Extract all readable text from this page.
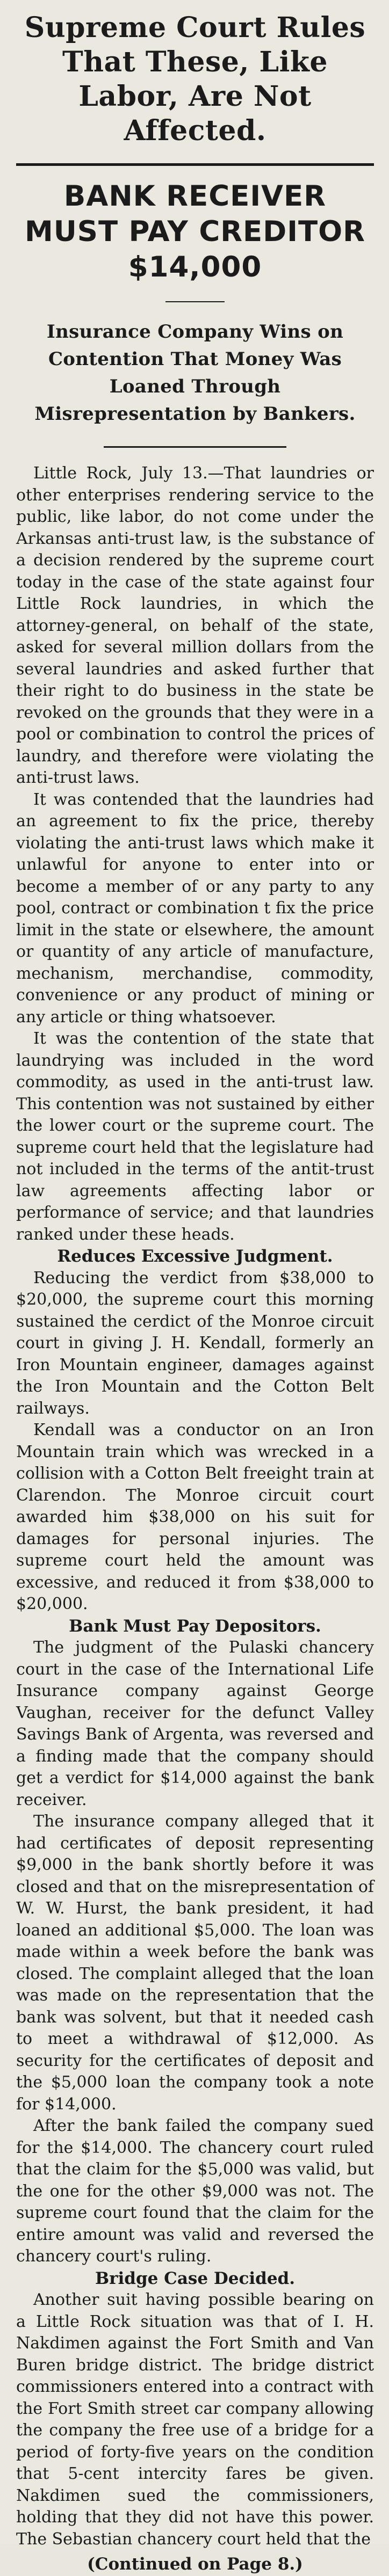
Supreme Court Rules That These, Like Labor, Are Not Affected.
BANK RECEIVER MUST PAY CREDITOR $14,000
Insurance Company Wins on Contention That Money Was Loaned Through Misrepresentation by Bankers.

Little Rock, July 13.—That laundries or other enterprises rendering service to the public, like labor, do not come under the Arkansas anti-trust law, is the substance of a decision rendered by the supreme court today in the case of the state against four Little Rock laundries, in which the attorney-general, on behalf of the state, asked for several million dollars from the several laundries and asked further that their right to do business in the state be revoked on the grounds that they were in a pool or combination to control the prices of laundry, and therefore were violating the anti-trust laws.

It was contended that the laundries had an agreement to fix the price, thereby violating the anti-trust laws which make it unlawful for anyone to enter into or become a member of or any party to any pool, contract or combination t fix the price limit in the state or elsewhere, the amount or quantity of any article of manufacture, mechanism, merchandise, commodity, convenience or any product of mining or any article or thing whatsoever.

It was the contention of the state that laundrying was included in the word commodity, as used in the anti-trust law. This contention was not sustained by either the lower court or the supreme court. The supreme court held that the legislature had not included in the terms of the antit-trust law agreements affecting labor or performance of service; and that laundries ranked under these heads.

Reduces Excessive Judgment.

Reducing the verdict from $38,000 to $20,000, the supreme court this morning sustained the cerdict of the Monroe circuit court in giving J. H. Kendall, formerly an Iron Mountain engineer, damages against the Iron Mountain and the Cotton Belt railways.

Kendall was a conductor on an Iron Mountain train which was wrecked in a collision with a Cotton Belt freeight train at Clarendon. The Monroe circuit court awarded him $38,000 on his suit for damages for personal injuries. The supreme court held the amount was excessive, and reduced it from $38,000 to $20,000.

Bank Must Pay Depositors.

The judgment of the Pulaski chancery court in the case of the International Life Insurance company against George Vaughan, receiver for the defunct Valley Savings Bank of Argenta, was reversed and a finding made that the company should get a verdict for $14,000 against the bank receiver.

The insurance company alleged that it had certificates of deposit representing $9,000 in the bank shortly before it was closed and that on the misrepresentation of W. W. Hurst, the bank president, it had loaned an additional $5,000. The loan was made within a week before the bank was closed. The complaint alleged that the loan was made on the representation that the bank was solvent, but that it needed cash to meet a withdrawal of $12,000. As security for the certificates of deposit and the $5,000 loan the company took a note for $14,000.

After the bank failed the company sued for the $14,000. The chancery court ruled that the claim for the $5,000 was valid, but the one for the other $9,000 was not. The supreme court found that the claim for the entire amount was valid and reversed the chancery court's ruling.

Bridge Case Decided.

Another suit having possible bearing on a Little Rock situation was that of I. H. Nakdimen against the Fort Smith and Van Buren bridge district. The bridge district commissioners entered into a contract with the Fort Smith street car company allowing the company the free use of a bridge for a period of forty-five years on the condition that 5-cent intercity fares be given. Nakdimen sued the commissioners, holding that they did not have this power. The Sebastian chancery court held that the

(Continued on Page 8.)
